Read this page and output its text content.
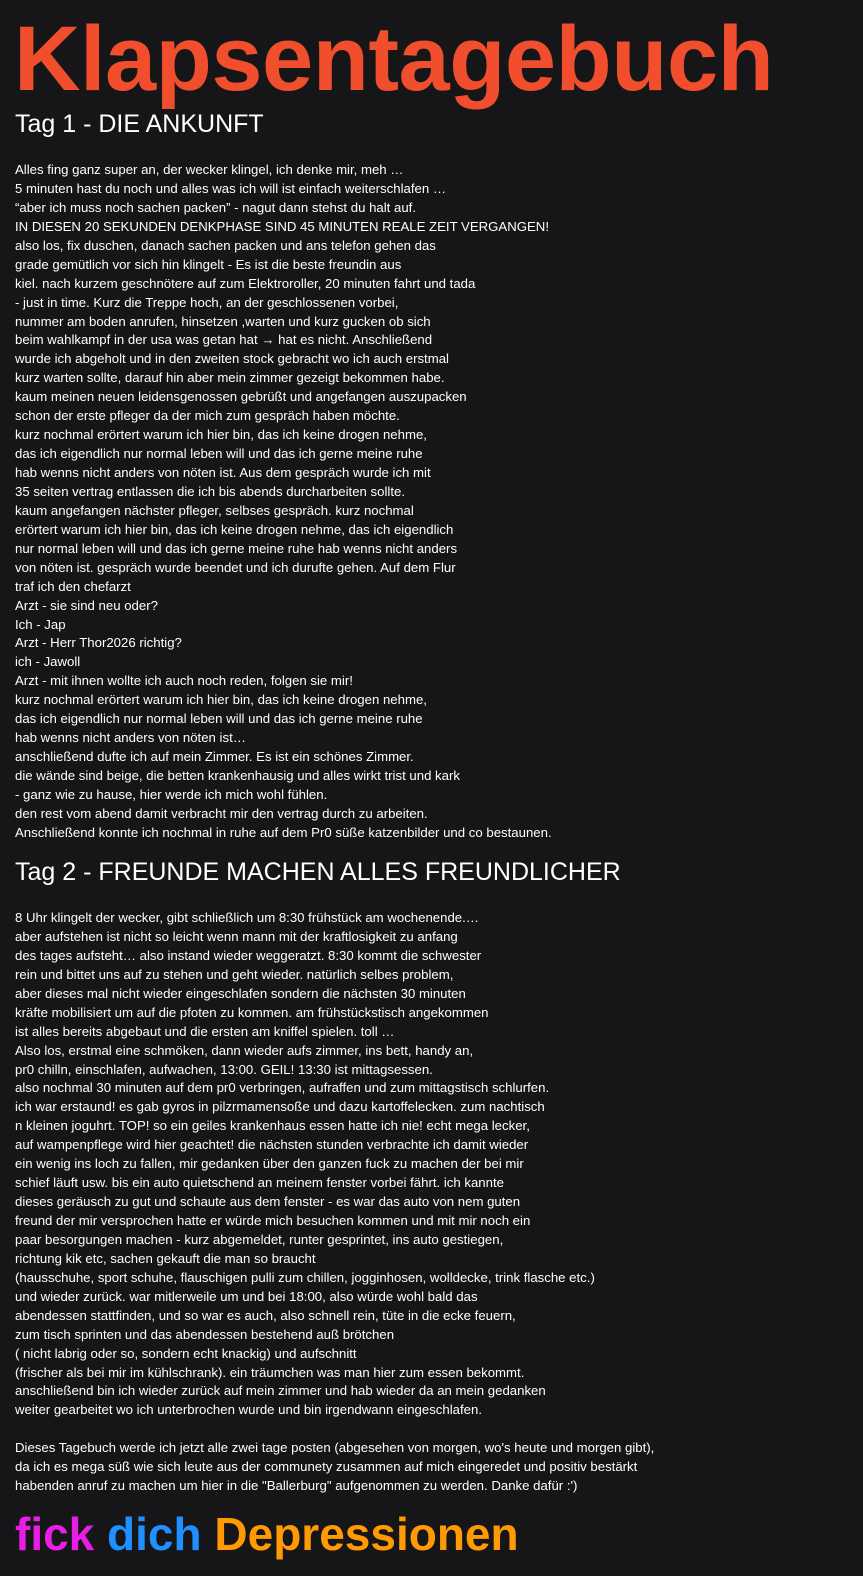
Klapsentagebuch
Tag 1 - DIE ANKUNFT
Alles fing ganz super an, der wecker klingel, ich denke mir, meh …
5 minuten hast du noch und alles was ich will ist einfach weiterschlafen …
“aber ich muss noch sachen packen” - nagut dann stehst du halt auf.
IN DIESEN 20 SEKUNDEN DENKPHASE SIND 45 MINUTEN REALE ZEIT VERGANGEN!
also los, fix duschen, danach sachen packen und ans telefon gehen das
grade gemütlich vor sich hin klingelt - Es ist die beste freundin aus
kiel. nach kurzem geschnötere auf zum Elektroroller, 20 minuten fahrt und tada
- just in time. Kurz die Treppe hoch, an der geschlossenen vorbei,
nummer am boden anrufen, hinsetzen ,warten und kurz gucken ob sich
beim wahlkampf in der usa was getan hat → hat es nicht. Anschließend
wurde ich abgeholt und in den zweiten stock gebracht wo ich auch erstmal
kurz warten sollte, darauf hin aber mein zimmer gezeigt bekommen habe.
kaum meinen neuen leidensgenossen gebrüßt und angefangen auszupacken
schon der erste pfleger da der mich zum gespräch haben möchte.
kurz nochmal erörtert warum ich hier bin, das ich keine drogen nehme,
das ich eigendlich nur normal leben will und das ich gerne meine ruhe
hab wenns nicht anders von nöten ist. Aus dem gespräch wurde ich mit
35 seiten vertrag entlassen die ich bis abends durcharbeiten sollte.
kaum angefangen nächster pfleger, selbses gespräch. kurz nochmal
erörtert warum ich hier bin, das ich keine drogen nehme, das ich eigendlich
nur normal leben will und das ich gerne meine ruhe hab wenns nicht anders
von nöten ist. gespräch wurde beendet und ich durufte gehen. Auf dem Flur
traf ich den chefarzt
Arzt - sie sind neu oder?
Ich - Jap
Arzt - Herr Thor2026 richtig?
ich - Jawoll
Arzt - mit ihnen wollte ich auch noch reden, folgen sie mir!
kurz nochmal erörtert warum ich hier bin, das ich keine drogen nehme,
das ich eigendlich nur normal leben will und das ich gerne meine ruhe
hab wenns nicht anders von nöten ist…
anschließend dufte ich auf mein Zimmer. Es ist ein schönes Zimmer.
die wände sind beige, die betten krankenhausig und alles wirkt trist und kark
- ganz wie zu hause, hier werde ich mich wohl fühlen.
den rest vom abend damit verbracht mir den vertrag durch zu arbeiten.
Anschließend konnte ich nochmal in ruhe auf dem Pr0 süße katzenbilder und co bestaunen.
Tag 2 - FREUNDE MACHEN ALLES FREUNDLICHER
8 Uhr klingelt der wecker, gibt schließlich um 8:30 frühstück am wochenende.…
aber aufstehen ist nicht so leicht wenn mann mit der kraftlosigkeit zu anfang
des tages aufsteht… also instand wieder weggeratzt. 8:30 kommt die schwester
rein und bittet uns auf zu stehen und geht wieder. natürlich selbes problem,
aber dieses mal nicht wieder eingeschlafen sondern die nächsten 30 minuten
kräfte mobilisiert um auf die pfoten zu kommen. am frühstückstisch angekommen
ist alles bereits abgebaut und die ersten am kniffel spielen. toll …
Also los, erstmal eine schmöken, dann wieder aufs zimmer, ins bett, handy an,
pr0 chilln, einschlafen, aufwachen, 13:00. GEIL! 13:30 ist mittagsessen.
also nochmal 30 minuten auf dem pr0 verbringen, aufraffen und zum mittagstisch schlurfen.
ich war erstaund! es gab gyros in pilzrmamensoße und dazu kartoffelecken. zum nachtisch
n kleinen joguhrt. TOP! so ein geiles krankenhaus essen hatte ich nie! echt mega lecker,
auf wampenpflege wird hier geachtet! die nächsten stunden verbrachte ich damit wieder
ein wenig ins loch zu fallen, mir gedanken über den ganzen fuck zu machen der bei mir
schief läuft usw. bis ein auto quietschend an meinem fenster vorbei fährt. ich kannte
dieses geräusch zu gut und schaute aus dem fenster - es war das auto von nem guten
freund der mir versprochen hatte er würde mich besuchen kommen und mit mir noch ein
paar besorgungen machen - kurz abgemeldet, runter gesprintet, ins auto gestiegen,
richtung kik etc, sachen gekauft die man so braucht
(hausschuhe, sport schuhe, flauschigen pulli zum chillen, jogginhosen, wolldecke, trink flasche etc.)
und wieder zurück. war mitlerweile um und bei 18:00, also würde wohl bald das
abendessen stattfinden, und so war es auch, also schnell rein, tüte in die ecke feuern,
zum tisch sprinten und das abendessen bestehend auß brötchen
( nicht labrig oder so, sondern echt knackig) und aufschnitt
(frischer als bei mir im kühlschrank). ein träumchen was man hier zum essen bekommt.
anschließend bin ich wieder zurück auf mein zimmer und hab wieder da an mein gedanken
weiter gearbeitet wo ich unterbrochen wurde und bin irgendwann eingeschlafen.
Dieses Tagebuch werde ich jetzt alle zwei tage posten (abgesehen von morgen, wo's heute und morgen gibt),
da ich es mega süß wie sich leute aus der communety zusammen auf mich eingeredet und positiv bestärkt
habenden anruf zu machen um hier in die "Ballerburg" aufgenommen zu werden. Danke dafür :')
fick dich Depressionen
